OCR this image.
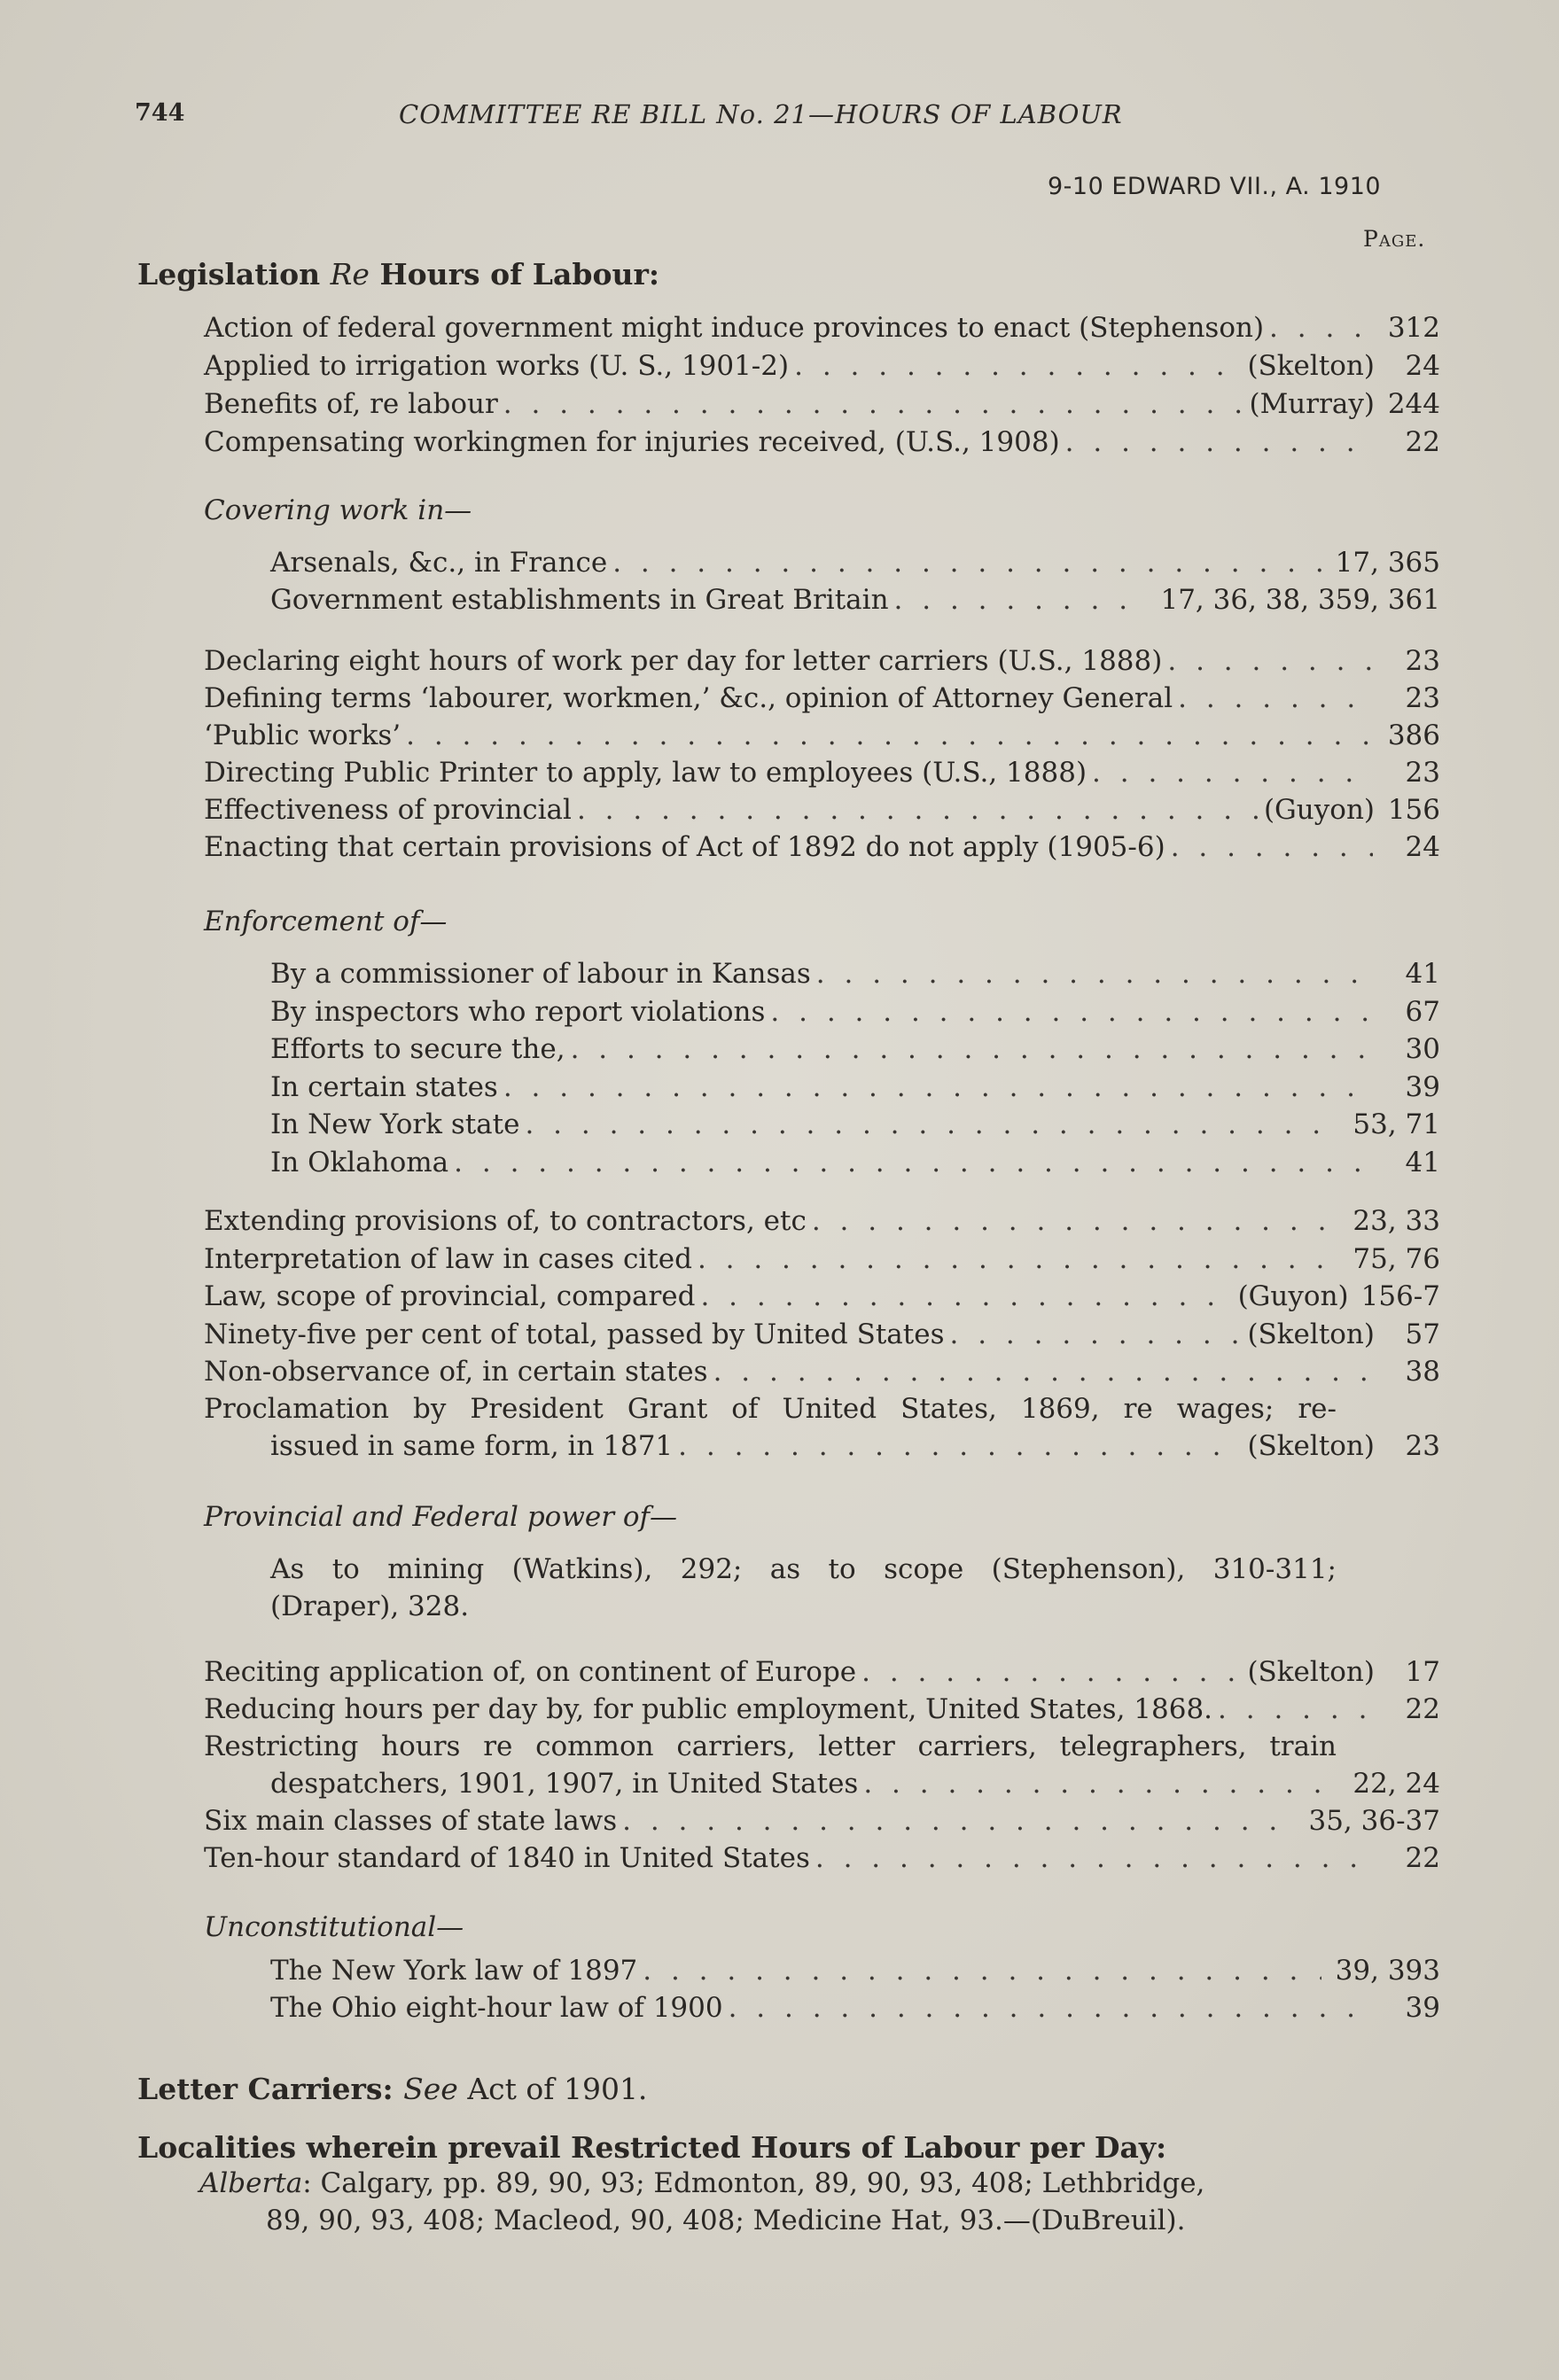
744	COMMITTEE RE BILL No. 21—HOURS OF LABOUR
9-10 EDWARD VII., A. 1910
Page.
Legislation Re Hours of Labour:
Action of federal government might induce provinces to enact (Stephenson) . . .	312
Applied to irrigation works (U. S., 1901-2) . . .	(Skelton)	24
Benefits of, re labour . . .	(Murray) 244
Compensating workingmen for injuries received, (U.S., 1908) . . .	22
Covering work in—
Arsenals, &c., in France . . .	17, 365
Government establishments in Great Britain . . .	17, 36, 38, 359, 361
Declaring eight hours of work per day for letter carriers (U.S., 1888) . . .	23
Defining terms ‘labourer, workmen,’ &c., opinion of Attorney General . . .	23
‘Public works’ . . .	386
Directing Public Printer to apply, law to employees (U.S., 1888) . . .	23
Effectiveness of provincial . . .	(Guyon) 156
Enacting that certain provisions of Act of 1892 do not apply (1905-6) . . .	24
Enforcement of—
By a commissioner of labour in Kansas . . .	41
By inspectors who report violations . . .	67
Efforts to secure the, . . .	30
In certain states . . .	39
In New York state . . .	53, 71
In Oklahoma . . .	41
Extending provisions of, to contractors, etc . . .	23, 33
Interpretation of law in cases cited . . .	75, 76
Law, scope of provincial, compared . . .	(Guyon) 156-7
Ninety-five per cent of total, passed by United States . . .	(Skelton)	57
Non-observance of, in certain states . . .	38
Proclamation by President Grant of United States, 1869, re wages; re-
issued in same form, in 1871 . . .	(Skelton)	23
Provincial and Federal power of—
As to mining (Watkins), 292; as to scope (Stephenson), 310-311;
(Draper), 328.
Reciting application of, on continent of Europe . . .	(Skelton)	17
Reducing hours per day by, for public employment, United States, 1868. . . .	22
Restricting hours re common carriers, letter carriers, telegraphers, train
despatchers, 1901, 1907, in United States . . .	22, 24
Six main classes of state laws . . .	35, 36-37
Ten-hour standard of 1840 in United States . . .	22
Unconstitutional—
The New York law of 1897 . . .	39, 393
The Ohio eight-hour law of 1900 . . .	39
Letter Carriers: See Act of 1901.
Localities wherein prevail Restricted Hours of Labour per Day:
Alberta: Calgary, pp. 89, 90, 93; Edmonton, 89, 90, 93, 408; Lethbridge,
89, 90, 93, 408; Macleod, 90, 408; Medicine Hat, 93.—(DuBreuil).
